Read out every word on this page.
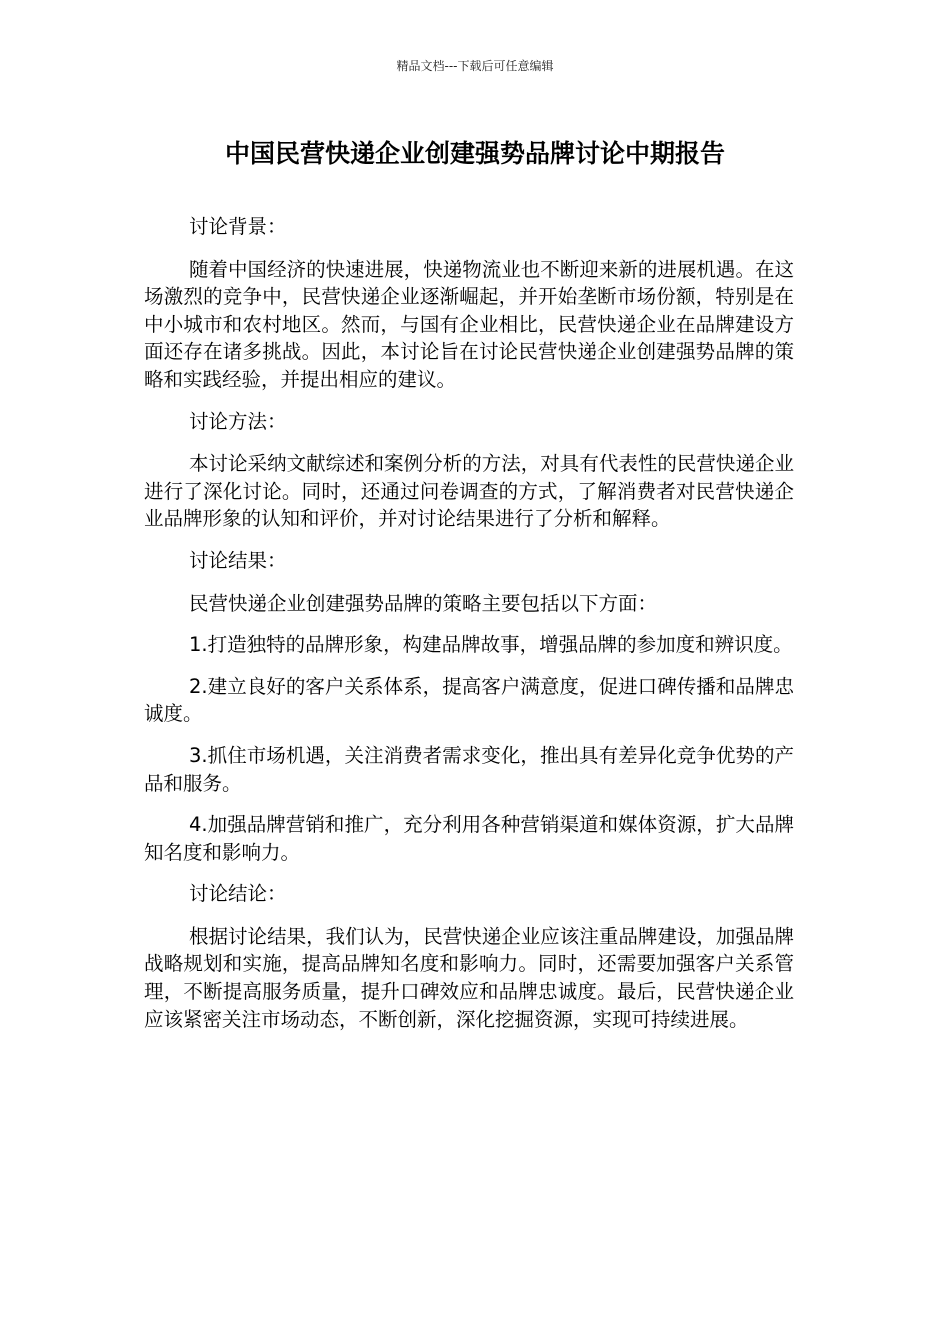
精品文档---下载后可任意编辑
中国民营快递企业创建强势品牌讨论中期报告

讨论背景：

随着中国经济的快速进展，快递物流业也不断迎来新的进展机遇。在这场激烈的竞争中，民营快递企业逐渐崛起，并开始垄断市场份额，特别是在中小城市和农村地区。然而，与国有企业相比，民营快递企业在品牌建设方面还存在诸多挑战。因此，本讨论旨在讨论民营快递企业创建强势品牌的策略和实践经验，并提出相应的建议。

讨论方法：

本讨论采纳文献综述和案例分析的方法，对具有代表性的民营快递企业进行了深化讨论。同时，还通过问卷调查的方式，了解消费者对民营快递企业品牌形象的认知和评价，并对讨论结果进行了分析和解释。

讨论结果：

民营快递企业创建强势品牌的策略主要包括以下方面：

1.打造独特的品牌形象，构建品牌故事，增强品牌的参加度和辨识度。

2.建立良好的客户关系体系，提高客户满意度，促进口碑传播和品牌忠诚度。

3.抓住市场机遇，关注消费者需求变化，推出具有差异化竞争优势的产品和服务。

4.加强品牌营销和推广，充分利用各种营销渠道和媒体资源，扩大品牌知名度和影响力。

讨论结论：

根据讨论结果，我们认为，民营快递企业应该注重品牌建设，加强品牌战略规划和实施，提高品牌知名度和影响力。同时，还需要加强客户关系管理，不断提高服务质量，提升口碑效应和品牌忠诚度。最后，民营快递企业应该紧密关注市场动态，不断创新，深化挖掘资源，实现可持续进展。
